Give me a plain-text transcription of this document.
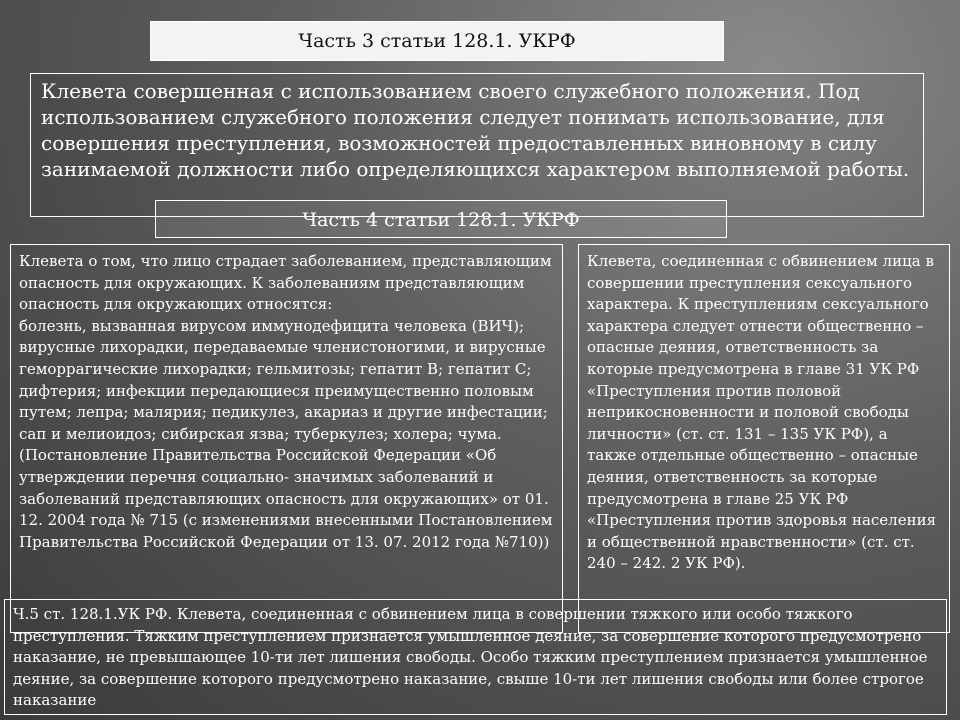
Клевета совершенная с использованием своего служебного положения. Под использованием служебного положения следует понимать использование, для совершения преступления, возможностей предоставленных виновному в силу занимаемой должности либо определяющихся характером выполняемой работы.

Часть 3 статьи 128.1. УКРФ
Часть 4 статьи 128.1. УКРФ

Клевета о том, что лицо страдает заболеванием, представляющим опасность для окружающих. К заболеваниям представляющим опасность для окружающих относятся:
болезнь, вызванная вирусом иммунодефицита человека (ВИЧ); вирусные лихорадки, передаваемые членистоногими, и вирусные геморрагические лихорадки; гельмитозы; гепатит В; гепатит С; дифтерия; инфекции передающиеся преимущественно половым путем; лепра; малярия; педикулез, акариаз и другие инфестации; сап и мелиоидоз; сибирская язва; туберкулез; холера; чума. (Постановление Правительства Российской Федерации «Об утверждении перечня социально- значимых заболеваний и заболеваний представляющих опасность для окружающих» от 01. 12. 2004 года № 715 (с изменениями внесенными Постановлением Правительства Российской Федерации от 13. 07. 2012 года №710))

Клевета, соединенная с обвинением лица в совершении преступления сексуального характера. К преступлениям сексуального характера следует отнести общественно – опасные деяния, ответственность за которые предусмотрена в главе 31 УК РФ «Преступления против половой неприкосновенности и половой свободы личности» (ст. ст. 131 – 135 УК РФ), а также отдельные общественно – опасные деяния, ответственность за которые предусмотрена в главе 25 УК РФ «Преступления против здоровья населения и общественной нравственности» (ст. ст. 240 – 242. 2 УК РФ).

Ч.5 ст. 128.1.УК РФ. Клевета, соединенная с обвинением лица в совершении тяжкого или особо тяжкого преступления. Тяжким преступлением признается умышленное деяние, за совершение которого предусмотрено наказание, не превышающее 10-ти лет лишения свободы. Особо тяжким преступлением признается умышленное деяние, за совершение которого предусмотрено наказание, свыше 10-ти лет лишения свободы или более строгое наказание
